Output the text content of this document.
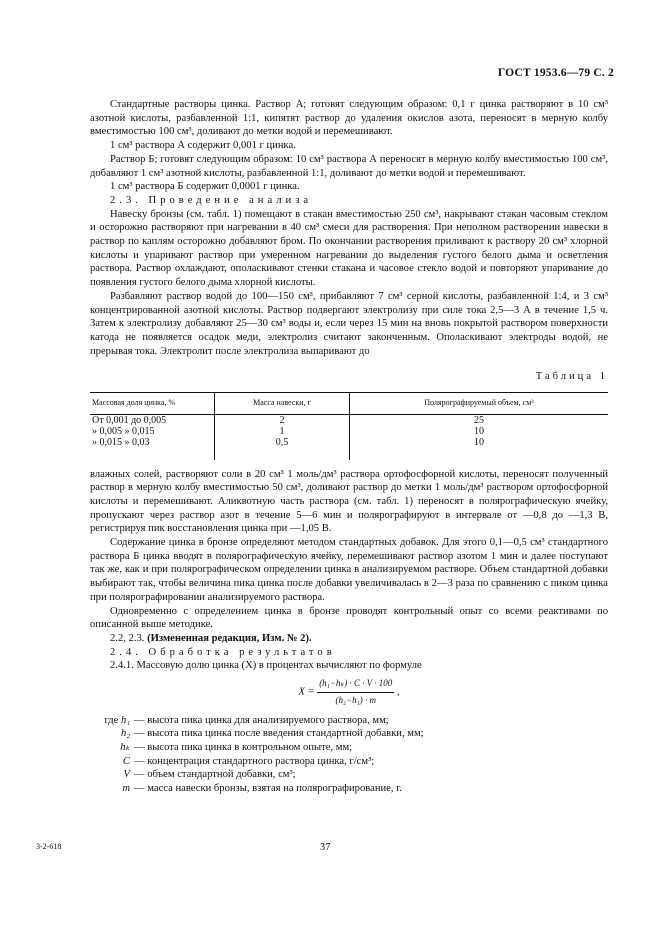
ГОСТ 1953.6—79 С. 2

Стандартные растворы цинка. Раствор А; готовят следующим образом: 0,1 г цинка растворяют в 10 см³ азотной кислоты, разбавленной 1:1, кипятят раствор до удаления окислов азота, переносят в мерную колбу вместимостью 100 см³, доливают до метки водой и перемешивают.

1 см³ раствора А содержит 0,001 г цинка.

Раствор Б; готовят следующим образом: 10 см³ раствора А переносят в мерную колбу вместимостью 100 см³, добавляют 1 см³ азотной кислоты, разбавленной 1:1, доливают до метки водой и перемешивают.

1 см³ раствора Б содержит 0,0001 г цинка.

2.3. Проведение анализа

Навеску бронзы (см. табл. 1) помещают в стакан вместимостью 250 см³, накрывают стакан часовым стеклом и осторожно растворяют при нагревании в 40 см³ смеси для растворения. При неполном растворении навески в раствор по каплям осторожно добавляют бром. По окончании растворения приливают к раствору 20 см³ хлорной кислоты и упаривают раствор при умеренном нагревании до выделения густого белого дыма и осветления раствора. Раствор охлаждают, ополаскивают стенки стакана и часовое стекло водой и повторяют упаривание до появления густого белого дыма хлорной кислоты.

Разбавляют раствор водой до 100—150 см³, прибавляют 7 см³ серной кислоты, разбавленной 1:4, и 3 см³ концентрированной азотной кислоты. Раствор подвергают электролизу при силе тока 2,5—3 А в течение 1,5 ч. Затем к электролизу добавляют 25—30 см³ воды и, если через 15 мин на вновь покрытой раствором поверхности катода не появляется осадок меди, электролиз считают законченным. Ополаскивают электроды водой, не прерывая тока. Электролит после электролиза выпаривают до

Таблица 1
Массовая доля цинка, %	Масса навески, г	Полярографируемый объем, см³
От 0,001 до 0,005	2	25
» 0,005 » 0,015	1	10
» 0,015 » 0,03	0,5	10

влажных солей, растворяют соли в 20 см³ 1 моль/дм³ раствора ортофосфорной кислоты, переносят полученный раствор в мерную колбу вместимостью 50 см³, доливают раствор до метки 1 моль/дм³ раствором ортофосфорной кислоты и перемешивают. Аликвотную часть раствора (см. табл. 1) переносят в полярографическую ячейку, пропускают через раствор азот в течение 5—6 мин и полярографируют в интервале от —0,8 до —1,3 В, регистрируя пик восстановления цинка при —1,05 В.

Содержание цинка в бронзе определяют методом стандартных добавок. Для этого 0,1—0,5 см³ стандартного раствора Б цинка вводят в полярографическую ячейку, перемешивают раствор азотом 1 мин и далее поступают так же, как и при полярографическом определении цинка в анализируемом растворе. Объем стандартной добавки выбирают так, чтобы величина пика цинка после добавки увеличивалась в 2—3 раза по сравнению с пиком цинка при полярографировании анализируемого раствора.

Одновременно с определением цинка в бронзе проводят контрольный опыт со всеми реактивами по описанной выше методике.

2.2, 2.3. (Измененная редакция, Изм. № 2).

2.4. Обработка результатов

2.4.1. Массовую долю цинка (X) в процентах вычисляют по формуле

$X = \frac{\text{(h₁−hₖ) · C · V · 100}}{\text{(h₂−h₁) · m}}$ ,
где h₁ — высота пика цинка для анализируемого раствора, мм;
h₂ — высота пика цинка после введения стандартной добавки, мм;
hₖ — высота пика цинка в контрольном опыте, мм;
C — концентрация стандартного раствора цинка, г/см³;
V — объем стандартной добавки, см³;
m — масса навески бронзы, взятая на полярографирование, г.
3-2-618	37
